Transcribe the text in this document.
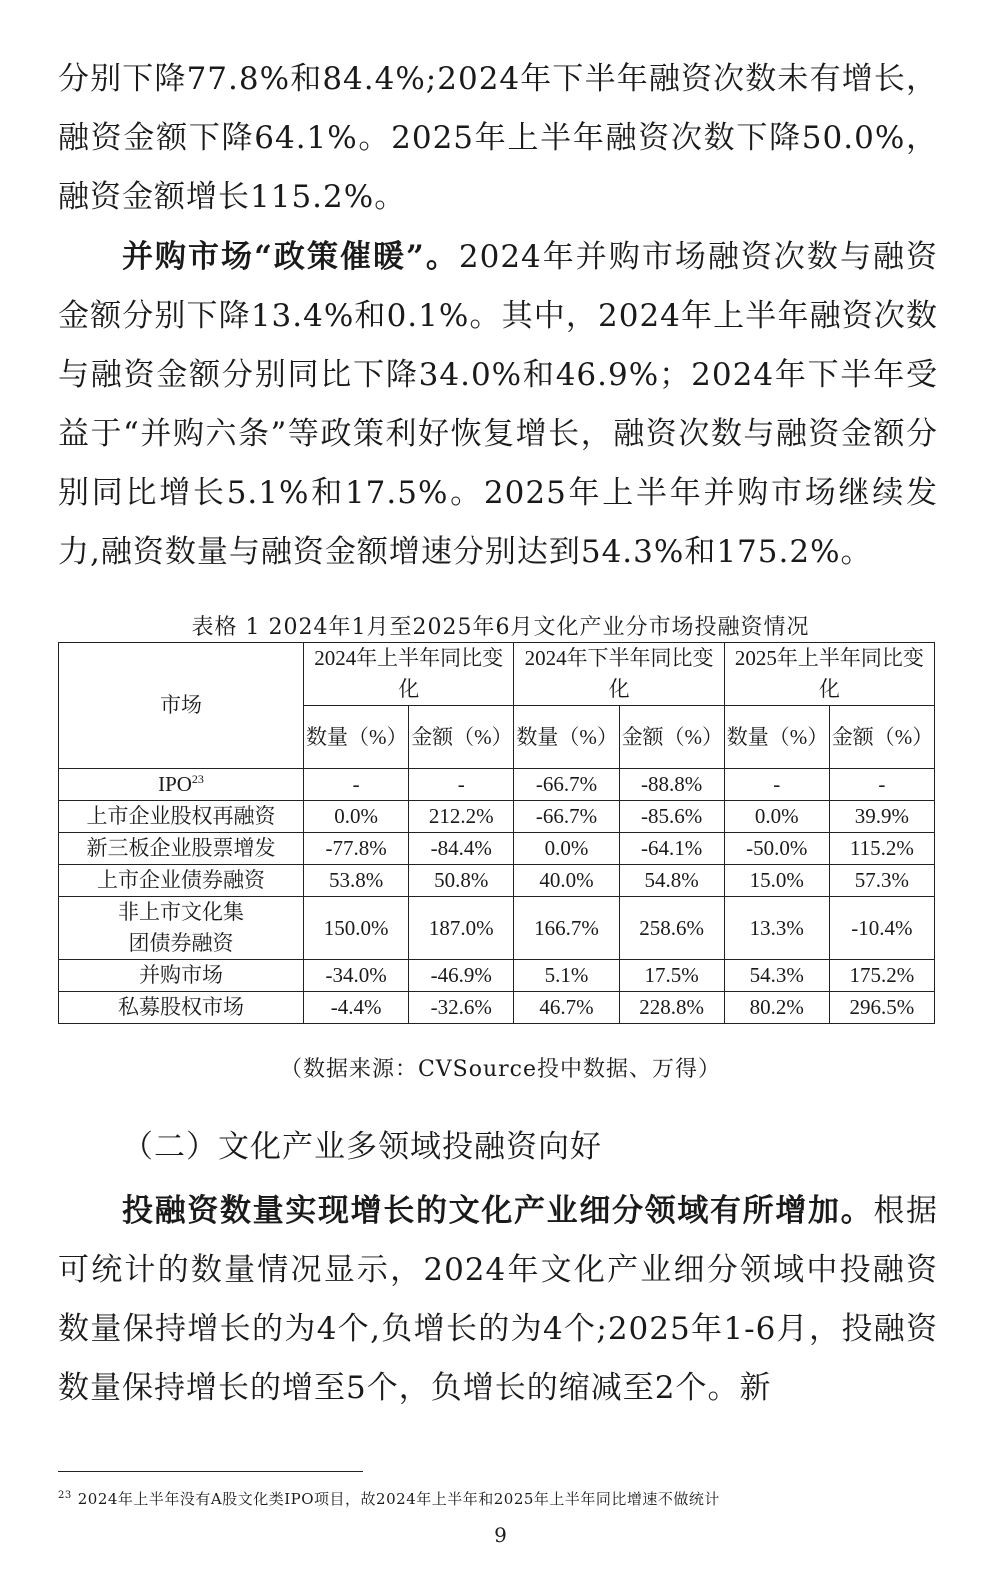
分别下降77.8%和84.4%;2024年下半年融资次数未有增长，融资金额下降64.1%。2025年上半年融资次数下降50.0%，融资金额增长115.2%。

并购市场“政策催暖”。2024年并购市场融资次数与融资金额分别下降13.4%和0.1%。其中，2024年上半年融资次数与融资金额分别同比下降34.0%和46.9%；2024年下半年受益于“并购六条”等政策利好恢复增长，融资次数与融资金额分别同比增长5.1%和17.5%。2025年上半年并购市场继续发力,融资数量与融资金额增速分别达到54.3%和175.2%。

表格 1 2024年1月至2025年6月文化产业分市场投融资情况
市场	2024年上半年同比变化		2024年下半年同比变化		2025年上半年同比变化	
	数量（%）	金额（%）	数量（%）	金额（%）	数量（%）	金额（%）
IPO$^{23}$	-	-	-66.7%	-88.8%	-	-
上市企业股权再融资	0.0%	212.2%	-66.7%	-85.6%	0.0%	39.9%
新三板企业股票增发	-77.8%	-84.4%	0.0%	-64.1%	-50.0%	115.2%
上市企业债券融资	53.8%	50.8%	40.0%	54.8%	15.0%	57.3%
非上市文化集团债券融资	150.0%	187.0%	166.7%	258.6%	13.3%	-10.4%
并购市场	-34.0%	-46.9%	5.1%	17.5%	54.3%	175.2%
私募股权市场	-4.4%	-32.6%	46.7%	228.8%	80.2%	296.5%
（数据来源：CVSource投中数据、万得）
（二）文化产业多领域投融资向好

投融资数量实现增长的文化产业细分领域有所增加。根据可统计的数量情况显示，2024年文化产业细分领域中投融资数量保持增长的为4个,负增长的为4个;2025年1-6月，投融资数量保持增长的增至5个，负增长的缩减至2个。新

$^{23}$ 2024年上半年没有A股文化类IPO项目，故2024年上半年和2025年上半年同比增速不做统计
9
